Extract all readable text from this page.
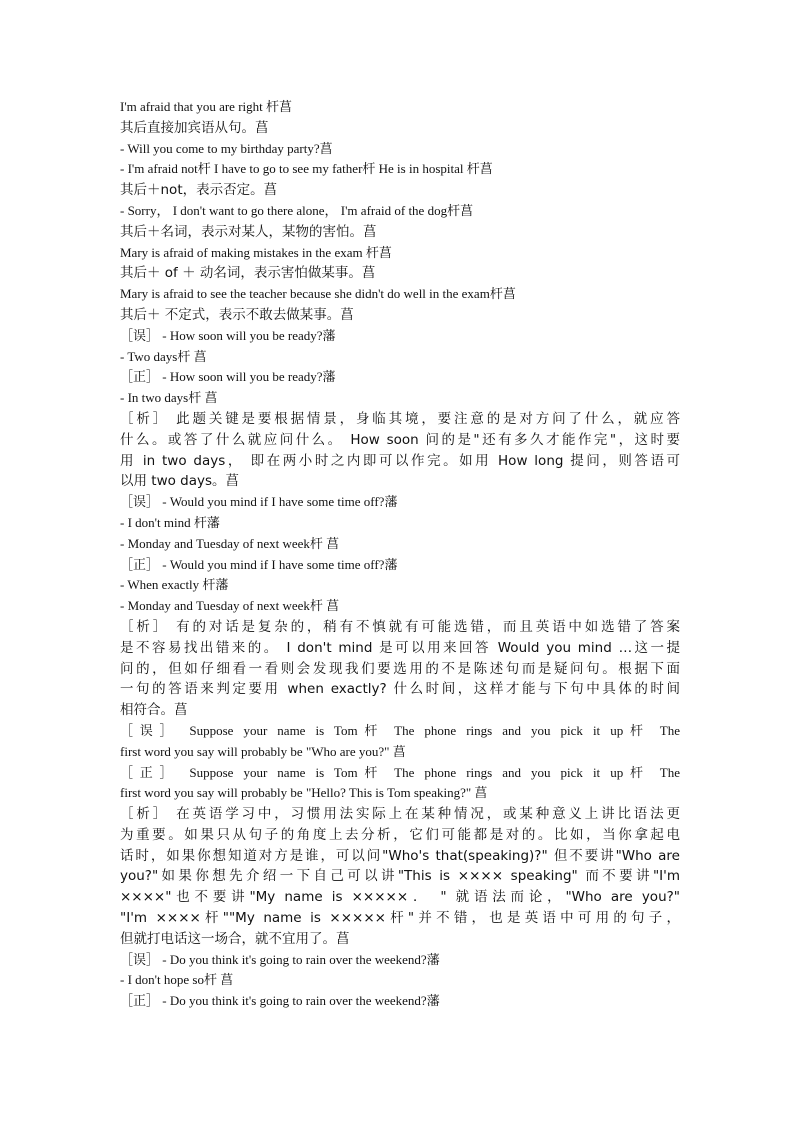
I'm afraid that you are right 杆菖
其后直接加宾语从句。菖
- Will you come to my birthday party?菖
- I'm afraid not杆 I have to go to see my father杆 He is in hospital 杆菖
其后＋not，表示否定。菖
- Sorry， I don't want to go there alone， I'm afraid of the dog杆菖
其后＋名词，表示对某人，某物的害怕。菖
Mary is afraid of making mistakes in the exam 杆菖
其后＋ of ＋ 动名词，表示害怕做某事。菖
Mary is afraid to see the teacher because she didn't do well in the exam杆菖
其后＋ 不定式，表示不敢去做某事。菖
［误］ - How soon will you be ready?藩
- Two days杆 菖
［正］ - How soon will you be ready?藩
- In two days杆 菖
［析］ 此题关键是要根据情景，身临其境，要注意的是对方问了什么，就应答
什么。或答了什么就应问什么。 How soon 问的是"还有多久才能作完"，这时要
用 in two days， 即在两小时之内即可以作完。如用 How long 提问，则答语可
以用 two days。菖
［误］ - Would you mind if I have some time off?藩
- I don't mind 杆藩
- Monday and Tuesday of next week杆 菖
［正］ - Would you mind if I have some time off?藩
- When exactly 杆藩
- Monday and Tuesday of next week杆 菖
［析］ 有的对话是复杂的，稍有不慎就有可能选错，而且英语中如选错了答案
是不容易找出错来的。 I don't mind 是可以用来回答 Would you mind …这一提
问的，但如仔细看一看则会发现我们要选用的不是陈述句而是疑问句。根据下面
一句的答语来判定要用 when exactly? 什么时间，这样才能与下句中具体的时间
相符合。菖
［误］ Suppose your name is Tom杆 The phone rings and you pick it up杆 The
first word you say will probably be "Who are you?" 菖
［正］ Suppose your name is Tom杆 The phone rings and you pick it up杆 The
first word you say will probably be "Hello? This is Tom speaking?" 菖
［析］ 在英语学习中，习惯用法实际上在某种情况，或某种意义上讲比语法更
为重要。如果只从句子的角度上去分析，它们可能都是对的。比如，当你拿起电
话时，如果你想知道对方是谁，可以问"Who's that(speaking)?" 但不要讲"Who are
you?"如果你想先介绍一下自己可以讲"This is ×××× speaking" 而不要讲"I'm
××××"也不要讲"My name is ×××××． " 就语法而论，"Who are you?"
"I'm ××××杆""My name is ×××××杆"并不错，也是英语中可用的句子，
但就打电话这一场合，就不宜用了。菖
［误］ - Do you think it's going to rain over the weekend?藩
- I don't hope so杆 菖
［正］ - Do you think it's going to rain over the weekend?藩
